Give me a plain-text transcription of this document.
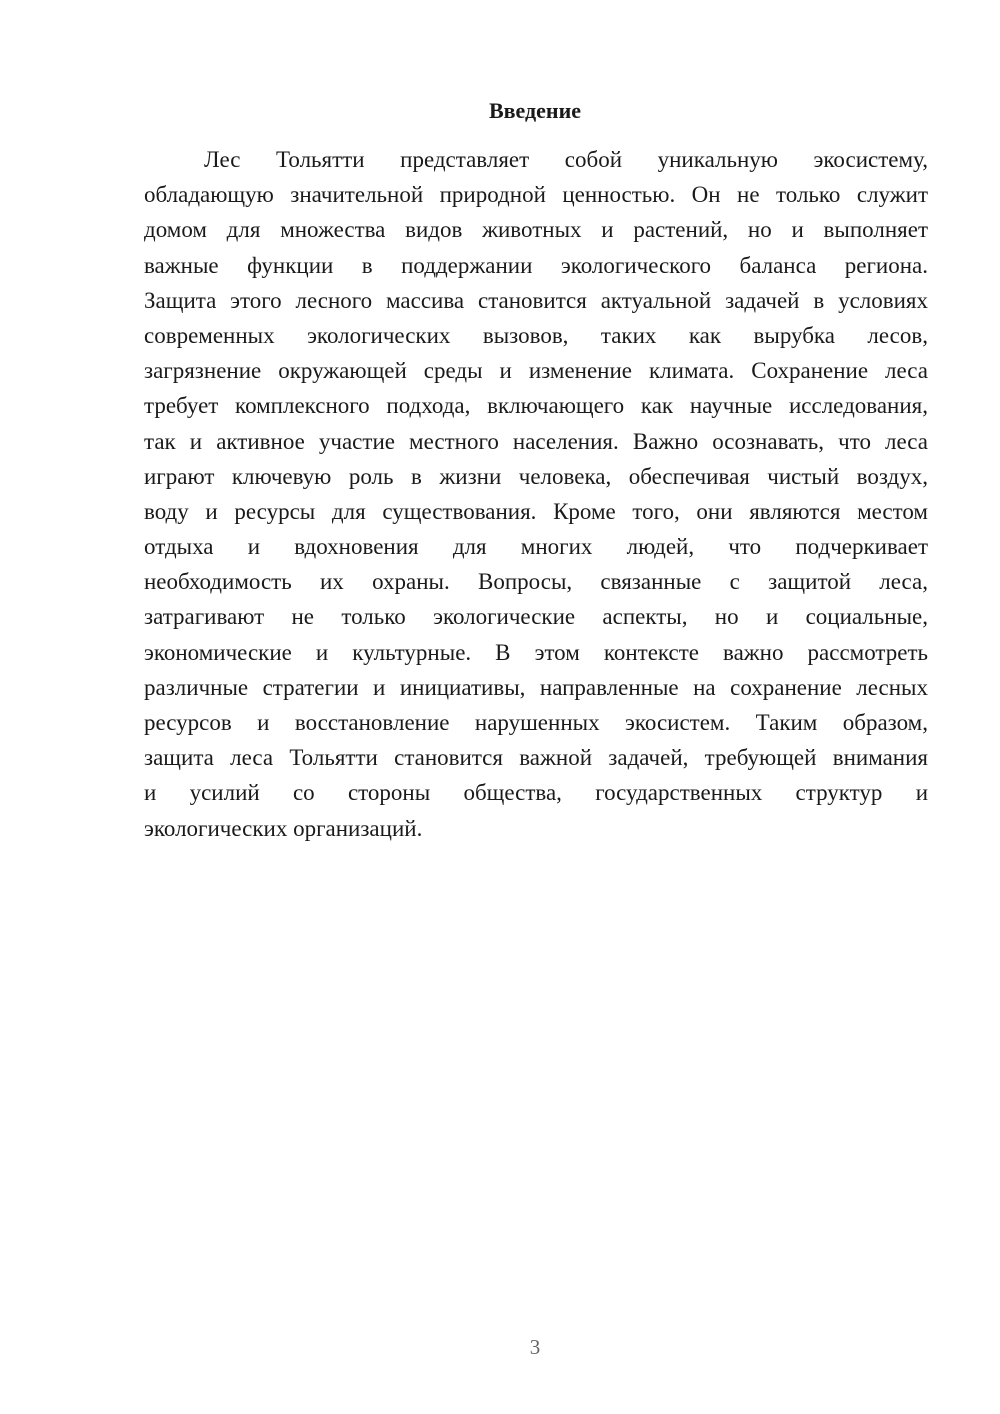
Введение
Лес Тольятти представляет собой уникальную экосистему,
обладающую значительной природной ценностью. Он не только служит
домом для множества видов животных и растений, но и выполняет
важные функции в поддержании экологического баланса региона.
Защита этого лесного массива становится актуальной задачей в условиях
современных экологических вызовов, таких как вырубка лесов,
загрязнение окружающей среды и изменение климата. Сохранение леса
требует комплексного подхода, включающего как научные исследования,
так и активное участие местного населения. Важно осознавать, что леса
играют ключевую роль в жизни человека, обеспечивая чистый воздух,
воду и ресурсы для существования. Кроме того, они являются местом
отдыха и вдохновения для многих людей, что подчеркивает
необходимость их охраны. Вопросы, связанные с защитой леса,
затрагивают не только экологические аспекты, но и социальные,
экономические и культурные. В этом контексте важно рассмотреть
различные стратегии и инициативы, направленные на сохранение лесных
ресурсов и восстановление нарушенных экосистем. Таким образом,
защита леса Тольятти становится важной задачей, требующей внимания
и усилий со стороны общества, государственных структур и
экологических организаций.
3
